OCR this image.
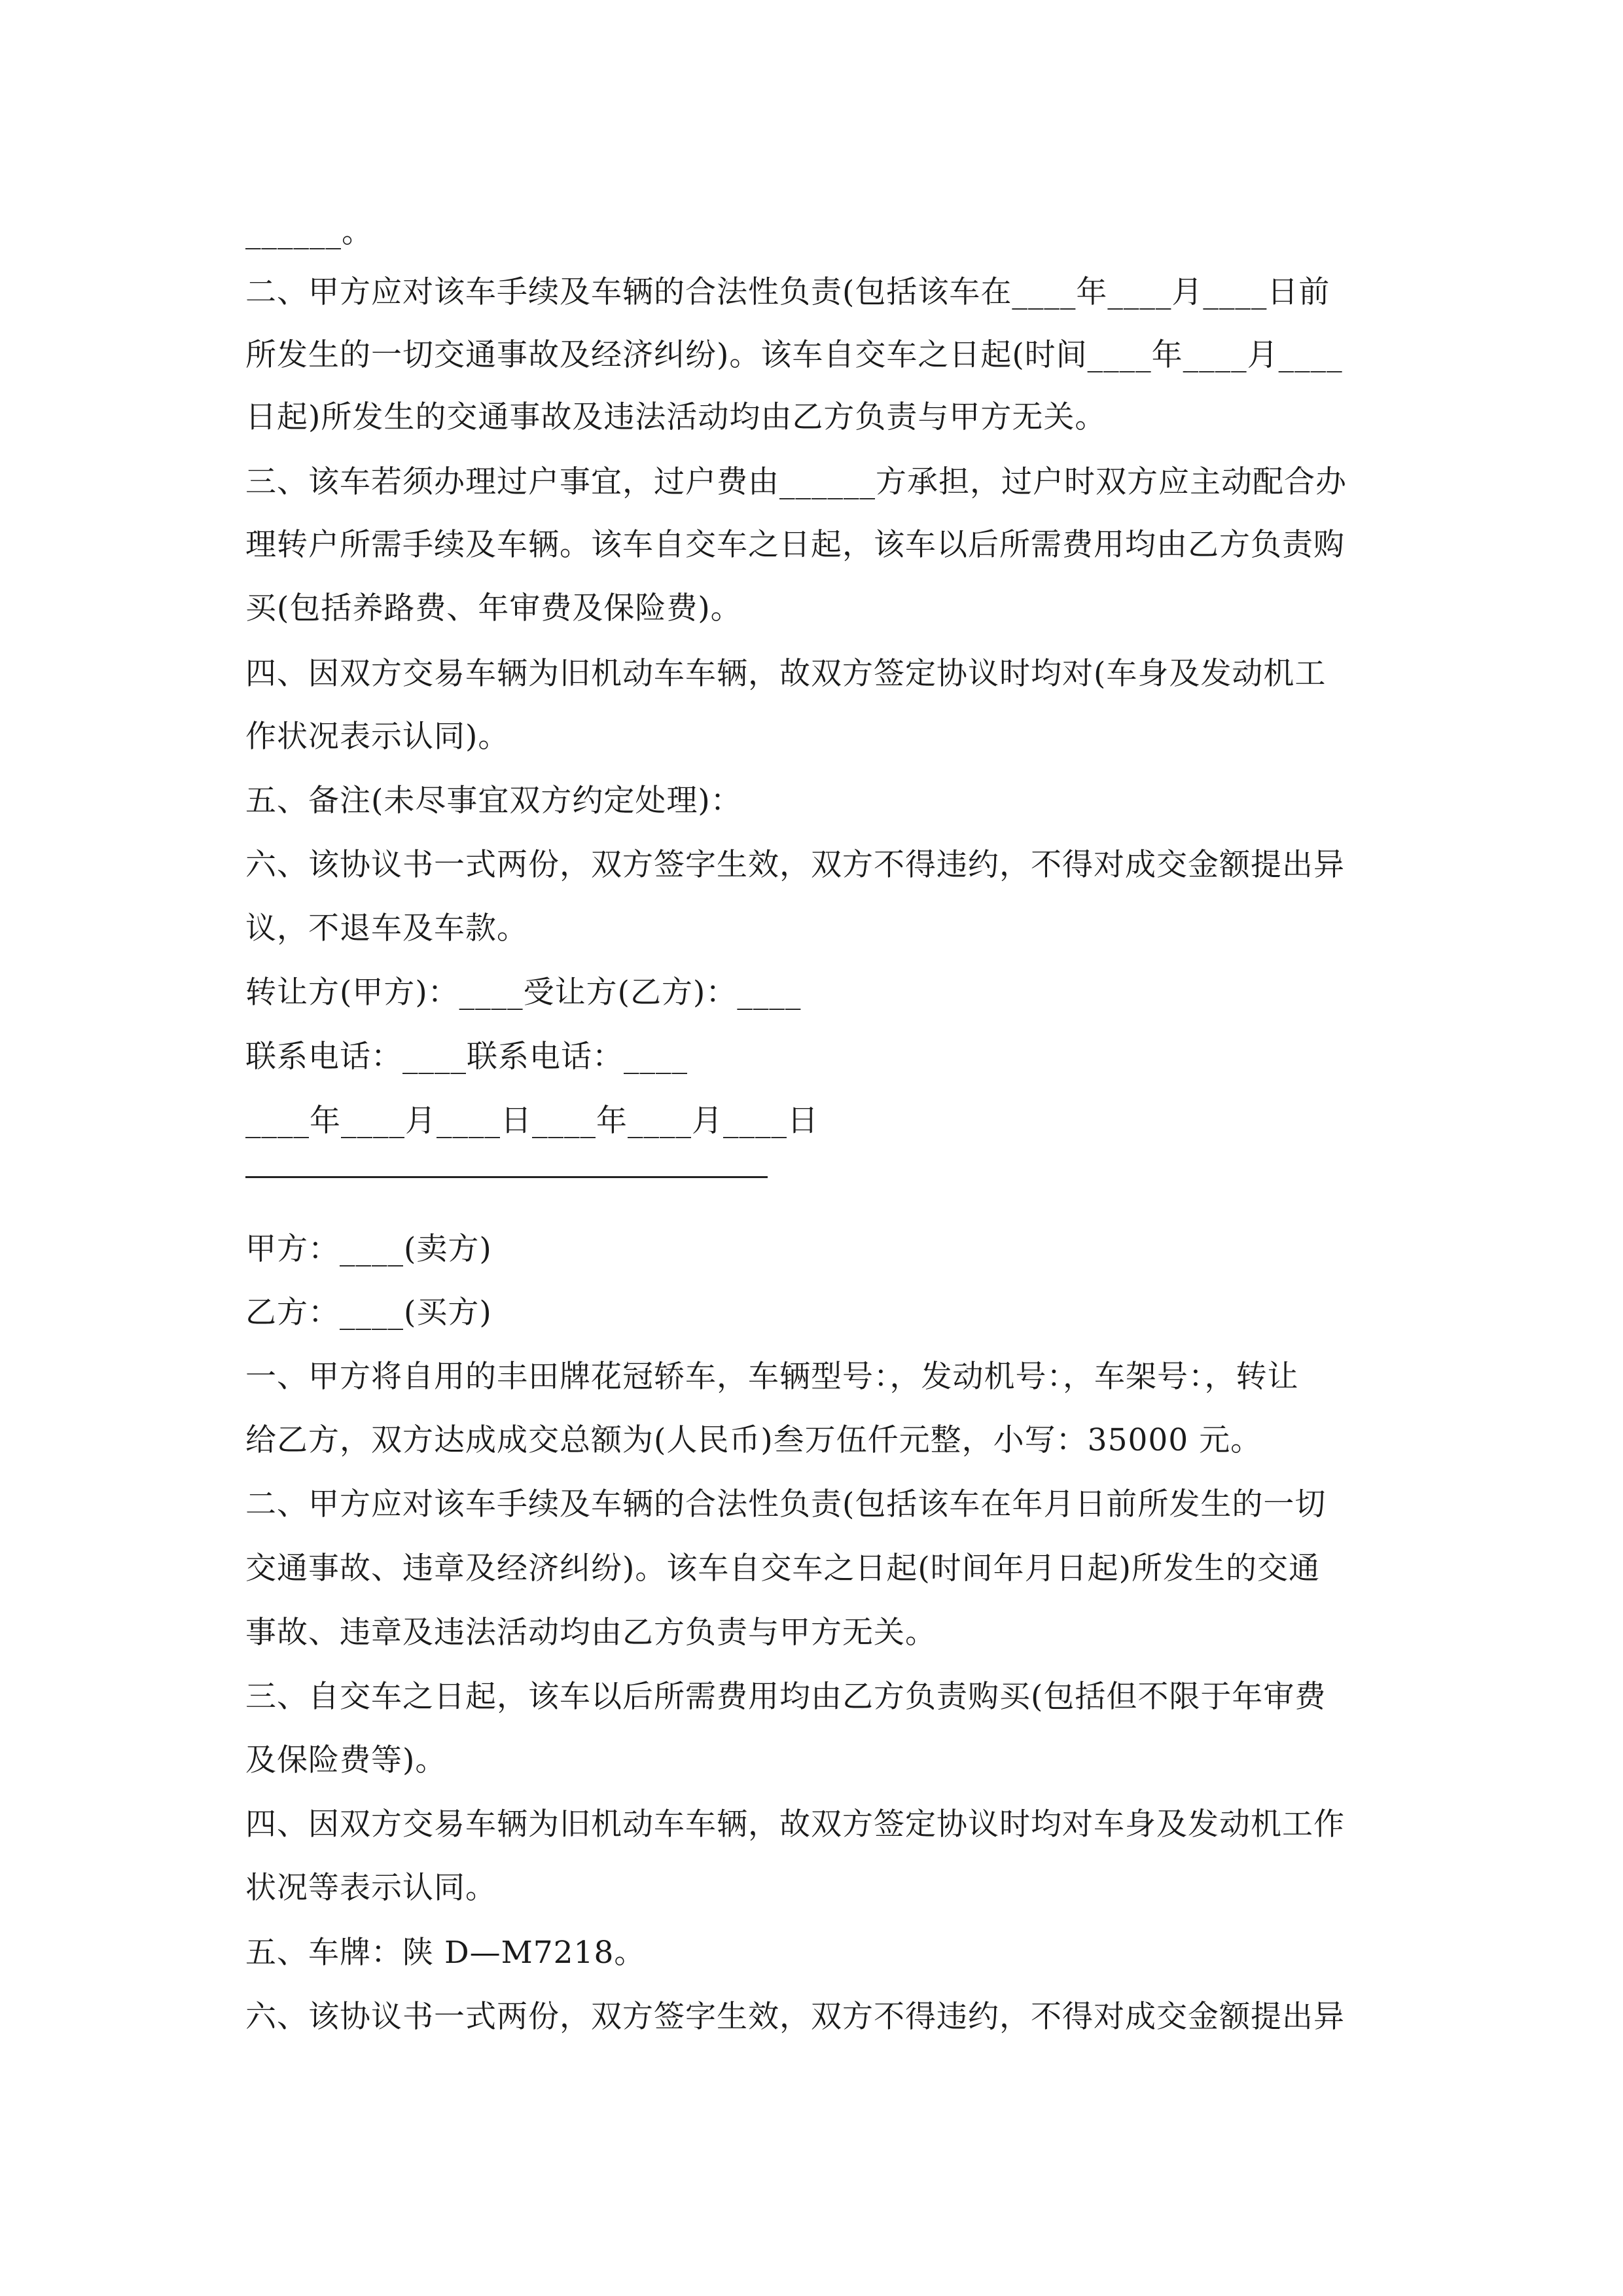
______。
二、甲方应对该车手续及车辆的合法性负责(包括该车在____年____月____日前
所发生的一切交通事故及经济纠纷)。该车自交车之日起(时间____年____月____
日起)所发生的交通事故及违法活动均由乙方负责与甲方无关。
三、该车若须办理过户事宜，过户费由______方承担，过户时双方应主动配合办
理转户所需手续及车辆。该车自交车之日起，该车以后所需费用均由乙方负责购
买(包括养路费、年审费及保险费)。
四、因双方交易车辆为旧机动车车辆，故双方签定协议时均对(车身及发动机工
作状况表示认同)。
五、备注(未尽事宜双方约定处理)：
六、该协议书一式两份，双方签字生效，双方不得违约，不得对成交金额提出异
议，不退车及车款。
转让方(甲方)：____受让方(乙方)：____
联系电话：____联系电话：____
____年____月____日____年____月____日
甲方：____(卖方)
乙方：____(买方)
一、甲方将自用的丰田牌花冠轿车，车辆型号：，发动机号：，车架号：，转让
给乙方，双方达成成交总额为(人民币)叁万伍仟元整，小写：35000 元。
二、甲方应对该车手续及车辆的合法性负责(包括该车在年月日前所发生的一切
交通事故、违章及经济纠纷)。该车自交车之日起(时间年月日起)所发生的交通
事故、违章及违法活动均由乙方负责与甲方无关。
三、自交车之日起，该车以后所需费用均由乙方负责购买(包括但不限于年审费
及保险费等)。
四、因双方交易车辆为旧机动车车辆，故双方签定协议时均对车身及发动机工作
状况等表示认同。
五、车牌：陕 D—M7218。
六、该协议书一式两份，双方签字生效，双方不得违约，不得对成交金额提出异
